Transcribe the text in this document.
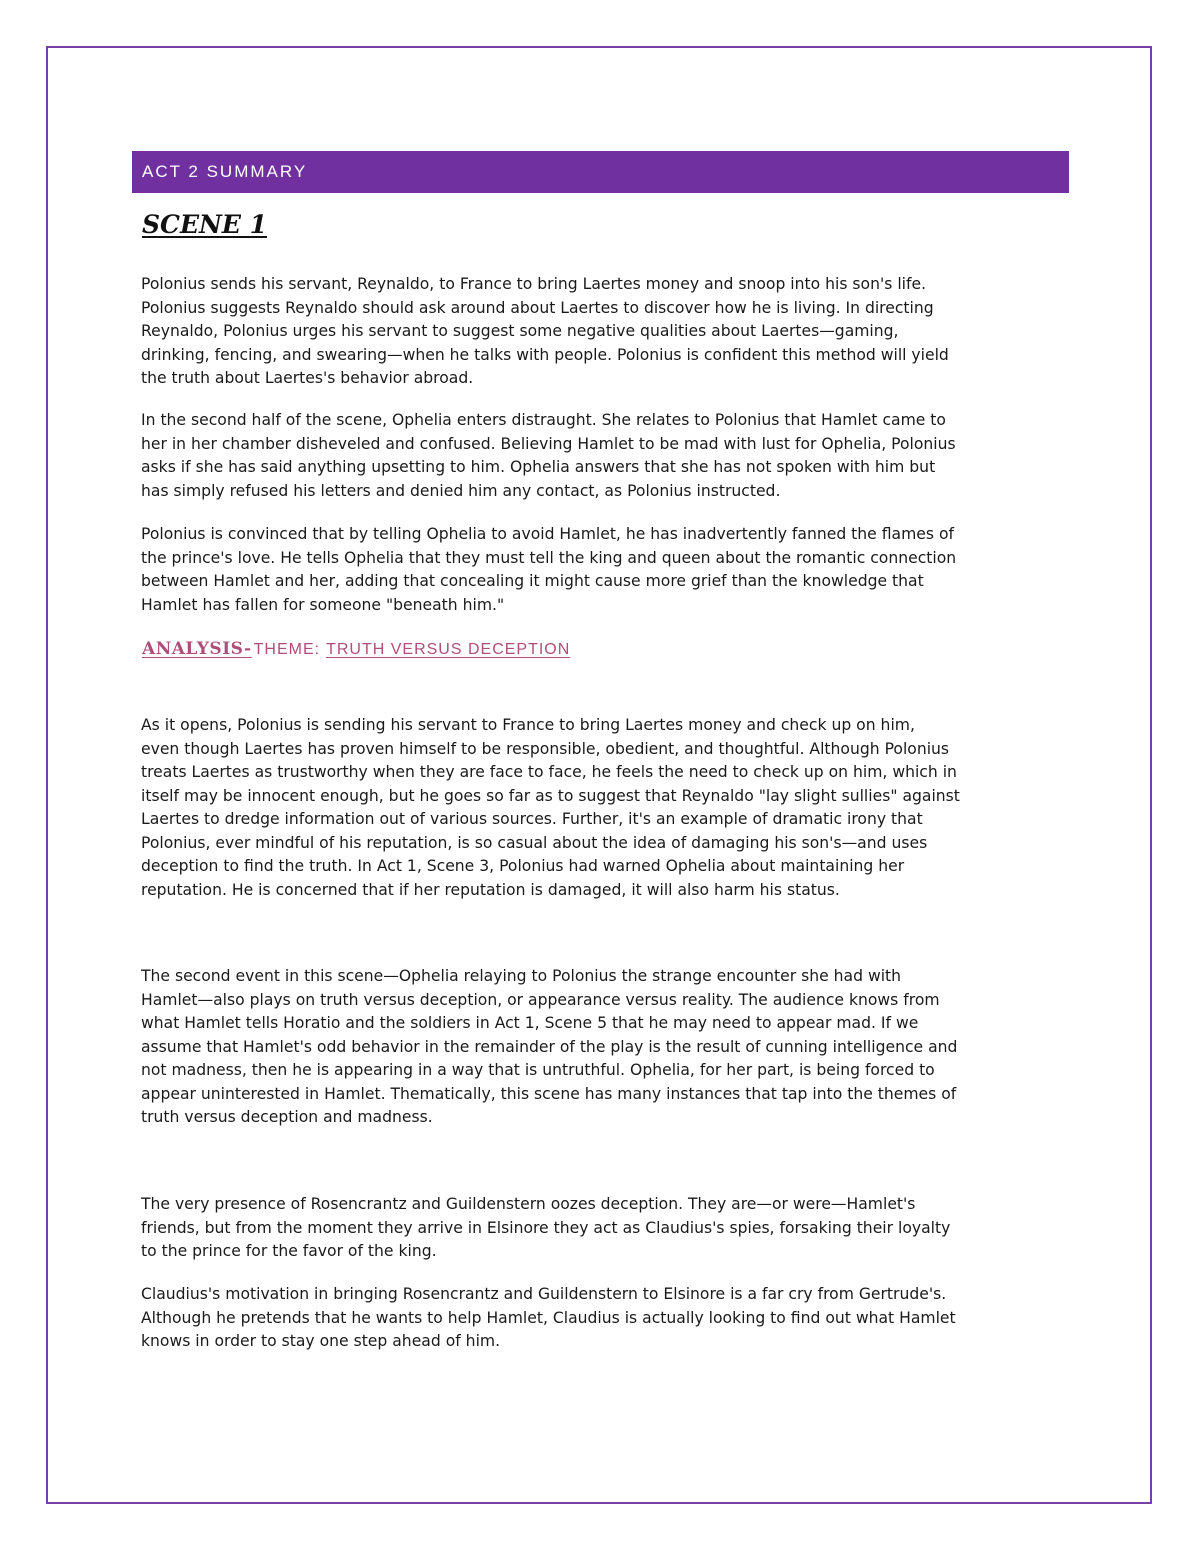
ACT 2 SUMMARY
SCENE 1

Polonius sends his servant, Reynaldo, to France to bring Laertes money and snoop into his son's life.
Polonius suggests Reynaldo should ask around about Laertes to discover how he is living. In directing
Reynaldo, Polonius urges his servant to suggest some negative qualities about Laertes—gaming,
drinking, fencing, and swearing—when he talks with people. Polonius is confident this method will yield
the truth about Laertes's behavior abroad.

In the second half of the scene, Ophelia enters distraught. She relates to Polonius that Hamlet came to
her in her chamber disheveled and confused. Believing Hamlet to be mad with lust for Ophelia, Polonius
asks if she has said anything upsetting to him. Ophelia answers that she has not spoken with him but
has simply refused his letters and denied him any contact, as Polonius instructed.

Polonius is convinced that by telling Ophelia to avoid Hamlet, he has inadvertently fanned the flames of
the prince's love. He tells Ophelia that they must tell the king and queen about the romantic connection
between Hamlet and her, adding that concealing it might cause more grief than the knowledge that
Hamlet has fallen for someone "beneath him."

ANALYSIS- THEME: TRUTH VERSUS DECEPTION

As it opens, Polonius is sending his servant to France to bring Laertes money and check up on him,
even though Laertes has proven himself to be responsible, obedient, and thoughtful. Although Polonius
treats Laertes as trustworthy when they are face to face, he feels the need to check up on him, which in
itself may be innocent enough, but he goes so far as to suggest that Reynaldo "lay slight sullies" against
Laertes to dredge information out of various sources. Further, it's an example of dramatic irony that
Polonius, ever mindful of his reputation, is so casual about the idea of damaging his son's—and uses
deception to find the truth. In Act 1, Scene 3, Polonius had warned Ophelia about maintaining her
reputation. He is concerned that if her reputation is damaged, it will also harm his status.

The second event in this scene—Ophelia relaying to Polonius the strange encounter she had with
Hamlet—also plays on truth versus deception, or appearance versus reality. The audience knows from
what Hamlet tells Horatio and the soldiers in Act 1, Scene 5 that he may need to appear mad. If we
assume that Hamlet's odd behavior in the remainder of the play is the result of cunning intelligence and
not madness, then he is appearing in a way that is untruthful. Ophelia, for her part, is being forced to
appear uninterested in Hamlet. Thematically, this scene has many instances that tap into the themes of
truth versus deception and madness.

The very presence of Rosencrantz and Guildenstern oozes deception. They are—or were—Hamlet's
friends, but from the moment they arrive in Elsinore they act as Claudius's spies, forsaking their loyalty
to the prince for the favor of the king.

Claudius's motivation in bringing Rosencrantz and Guildenstern to Elsinore is a far cry from Gertrude's.
Although he pretends that he wants to help Hamlet, Claudius is actually looking to find out what Hamlet
knows in order to stay one step ahead of him.
